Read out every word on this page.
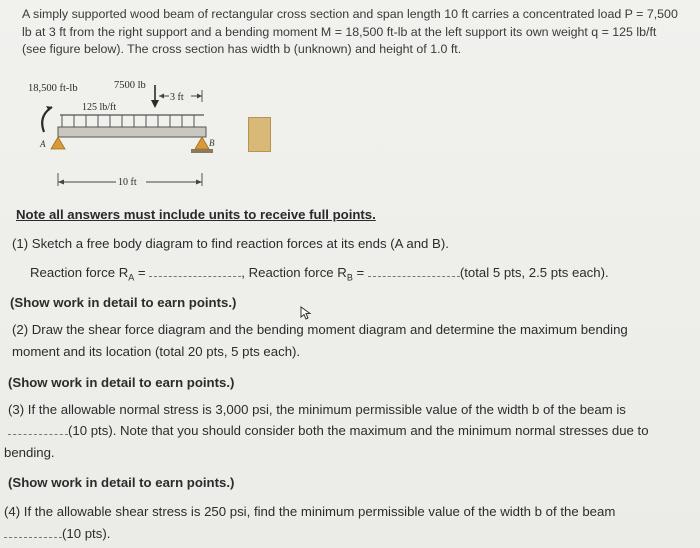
A simply supported wood beam of rectangular cross section and span length 10 ft carries a concentrated load P = 7,500 lb at 3 ft from the right support and a bending moment M = 18,500 ft-lb at the left support its own weight q = 125 lb/ft (see figure below). The cross section has width b (unknown) and height of 1.0 ft.
18,500 ft-lb	7500 lb
3 ft
125 lb/ft
A	B
10 ft
Note all answers must include units to receive full points.
(1) Sketch a free body diagram to find reaction forces at its ends (A and B).
Reaction force $R_A$ =	, Reaction force $R_B$ =	(total 5 pts, 2.5 pts each).
(Show work in detail to earn points.)
(2) Draw the shear force diagram and the bending moment diagram and determine the maximum bending
moment and its location (total 20 pts, 5 pts each).
(Show work in detail to earn points.)
(3) If the allowable normal stress is 3,000 psi, the minimum permissible value of the width b of the beam is
(10 pts). Note that you should consider both the maximum and the minimum normal stresses due to
bending.
(Show work in detail to earn points.)
(4) If the allowable shear stress is 250 psi, find the minimum permissible value of the width b of the beam
(10 pts).
